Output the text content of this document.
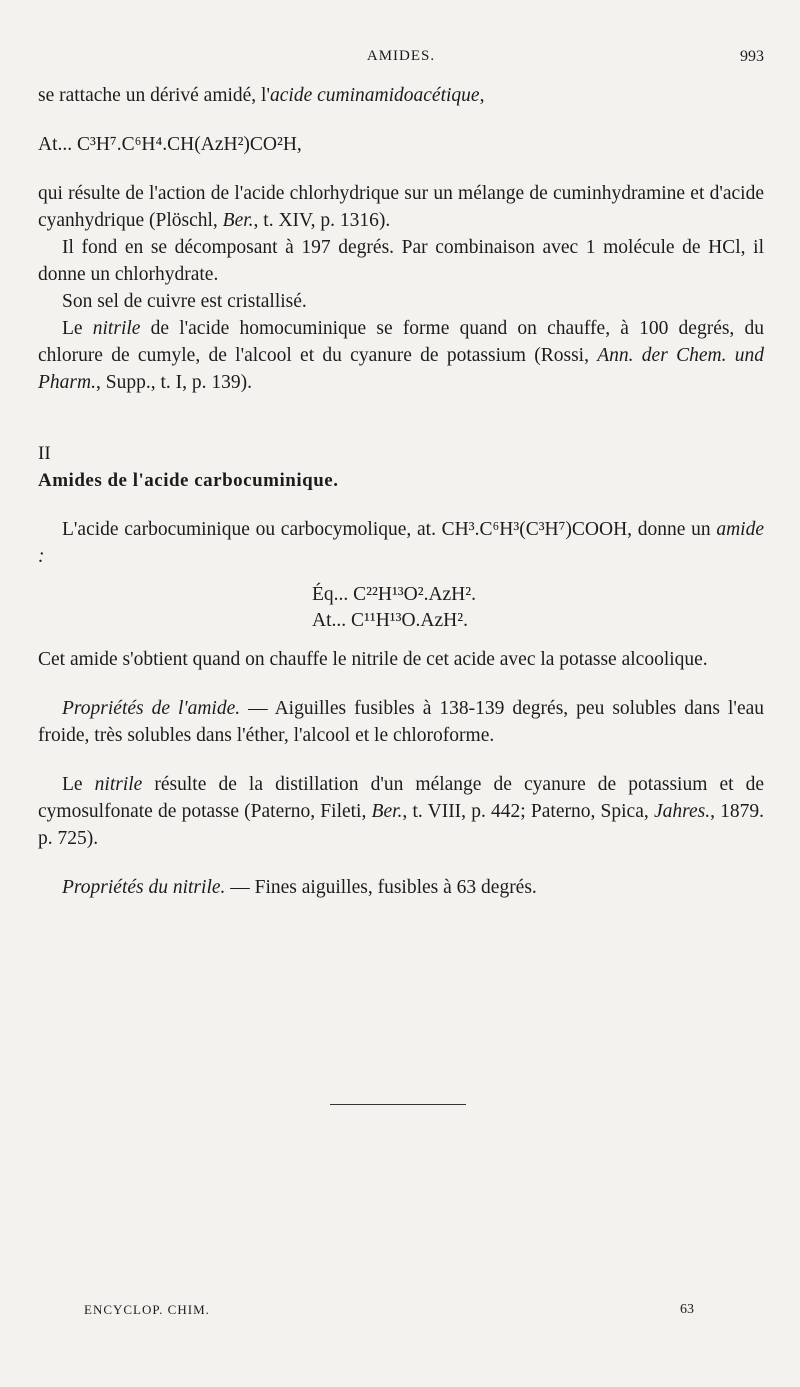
AMIDES.	993

se rattache un dérivé amidé, l'acide cuminamidoacétique,

At... C³H⁷.C⁶H⁴.CH(AzH²)CO²H,

qui résulte de l'action de l'acide chlorhydrique sur un mélange de cuminhydramine et d'acide cyanhydrique (Plöschl, Ber., t. XIV, p. 1316).

Il fond en se décomposant à 197 degrés. Par combinaison avec 1 molécule de HCl, il donne un chlorhydrate.

Son sel de cuivre est cristallisé.

Le nitrile de l'acide homocuminique se forme quand on chauffe, à 100 degrés, du chlorure de cumyle, de l'alcool et du cyanure de potassium (Rossi, Ann. der Chem. und Pharm., Supp., t. I, p. 139).

II

Amides de l'acide carbocuminique.

L'acide carbocuminique ou carbocymolique, at. CH³.C⁶H³(C³H⁷)COOH, donne un amide :

Éq... C²²H¹³O².AzH².
At... C¹¹H¹³O.AzH².

Cet amide s'obtient quand on chauffe le nitrile de cet acide avec la potasse alcoolique.

Propriétés de l'amide. — Aiguilles fusibles à 138-139 degrés, peu solubles dans l'eau froide, très solubles dans l'éther, l'alcool et le chloroforme.

Le nitrile résulte de la distillation d'un mélange de cyanure de potassium et de cymosulfonate de potasse (Paterno, Fileti, Ber., t. VIII, p. 442; Paterno, Spica, Jahres., 1879. p. 725).

Propriétés du nitrile. — Fines aiguilles, fusibles à 63 degrés.

ENCYCLOP. CHIM.	63
